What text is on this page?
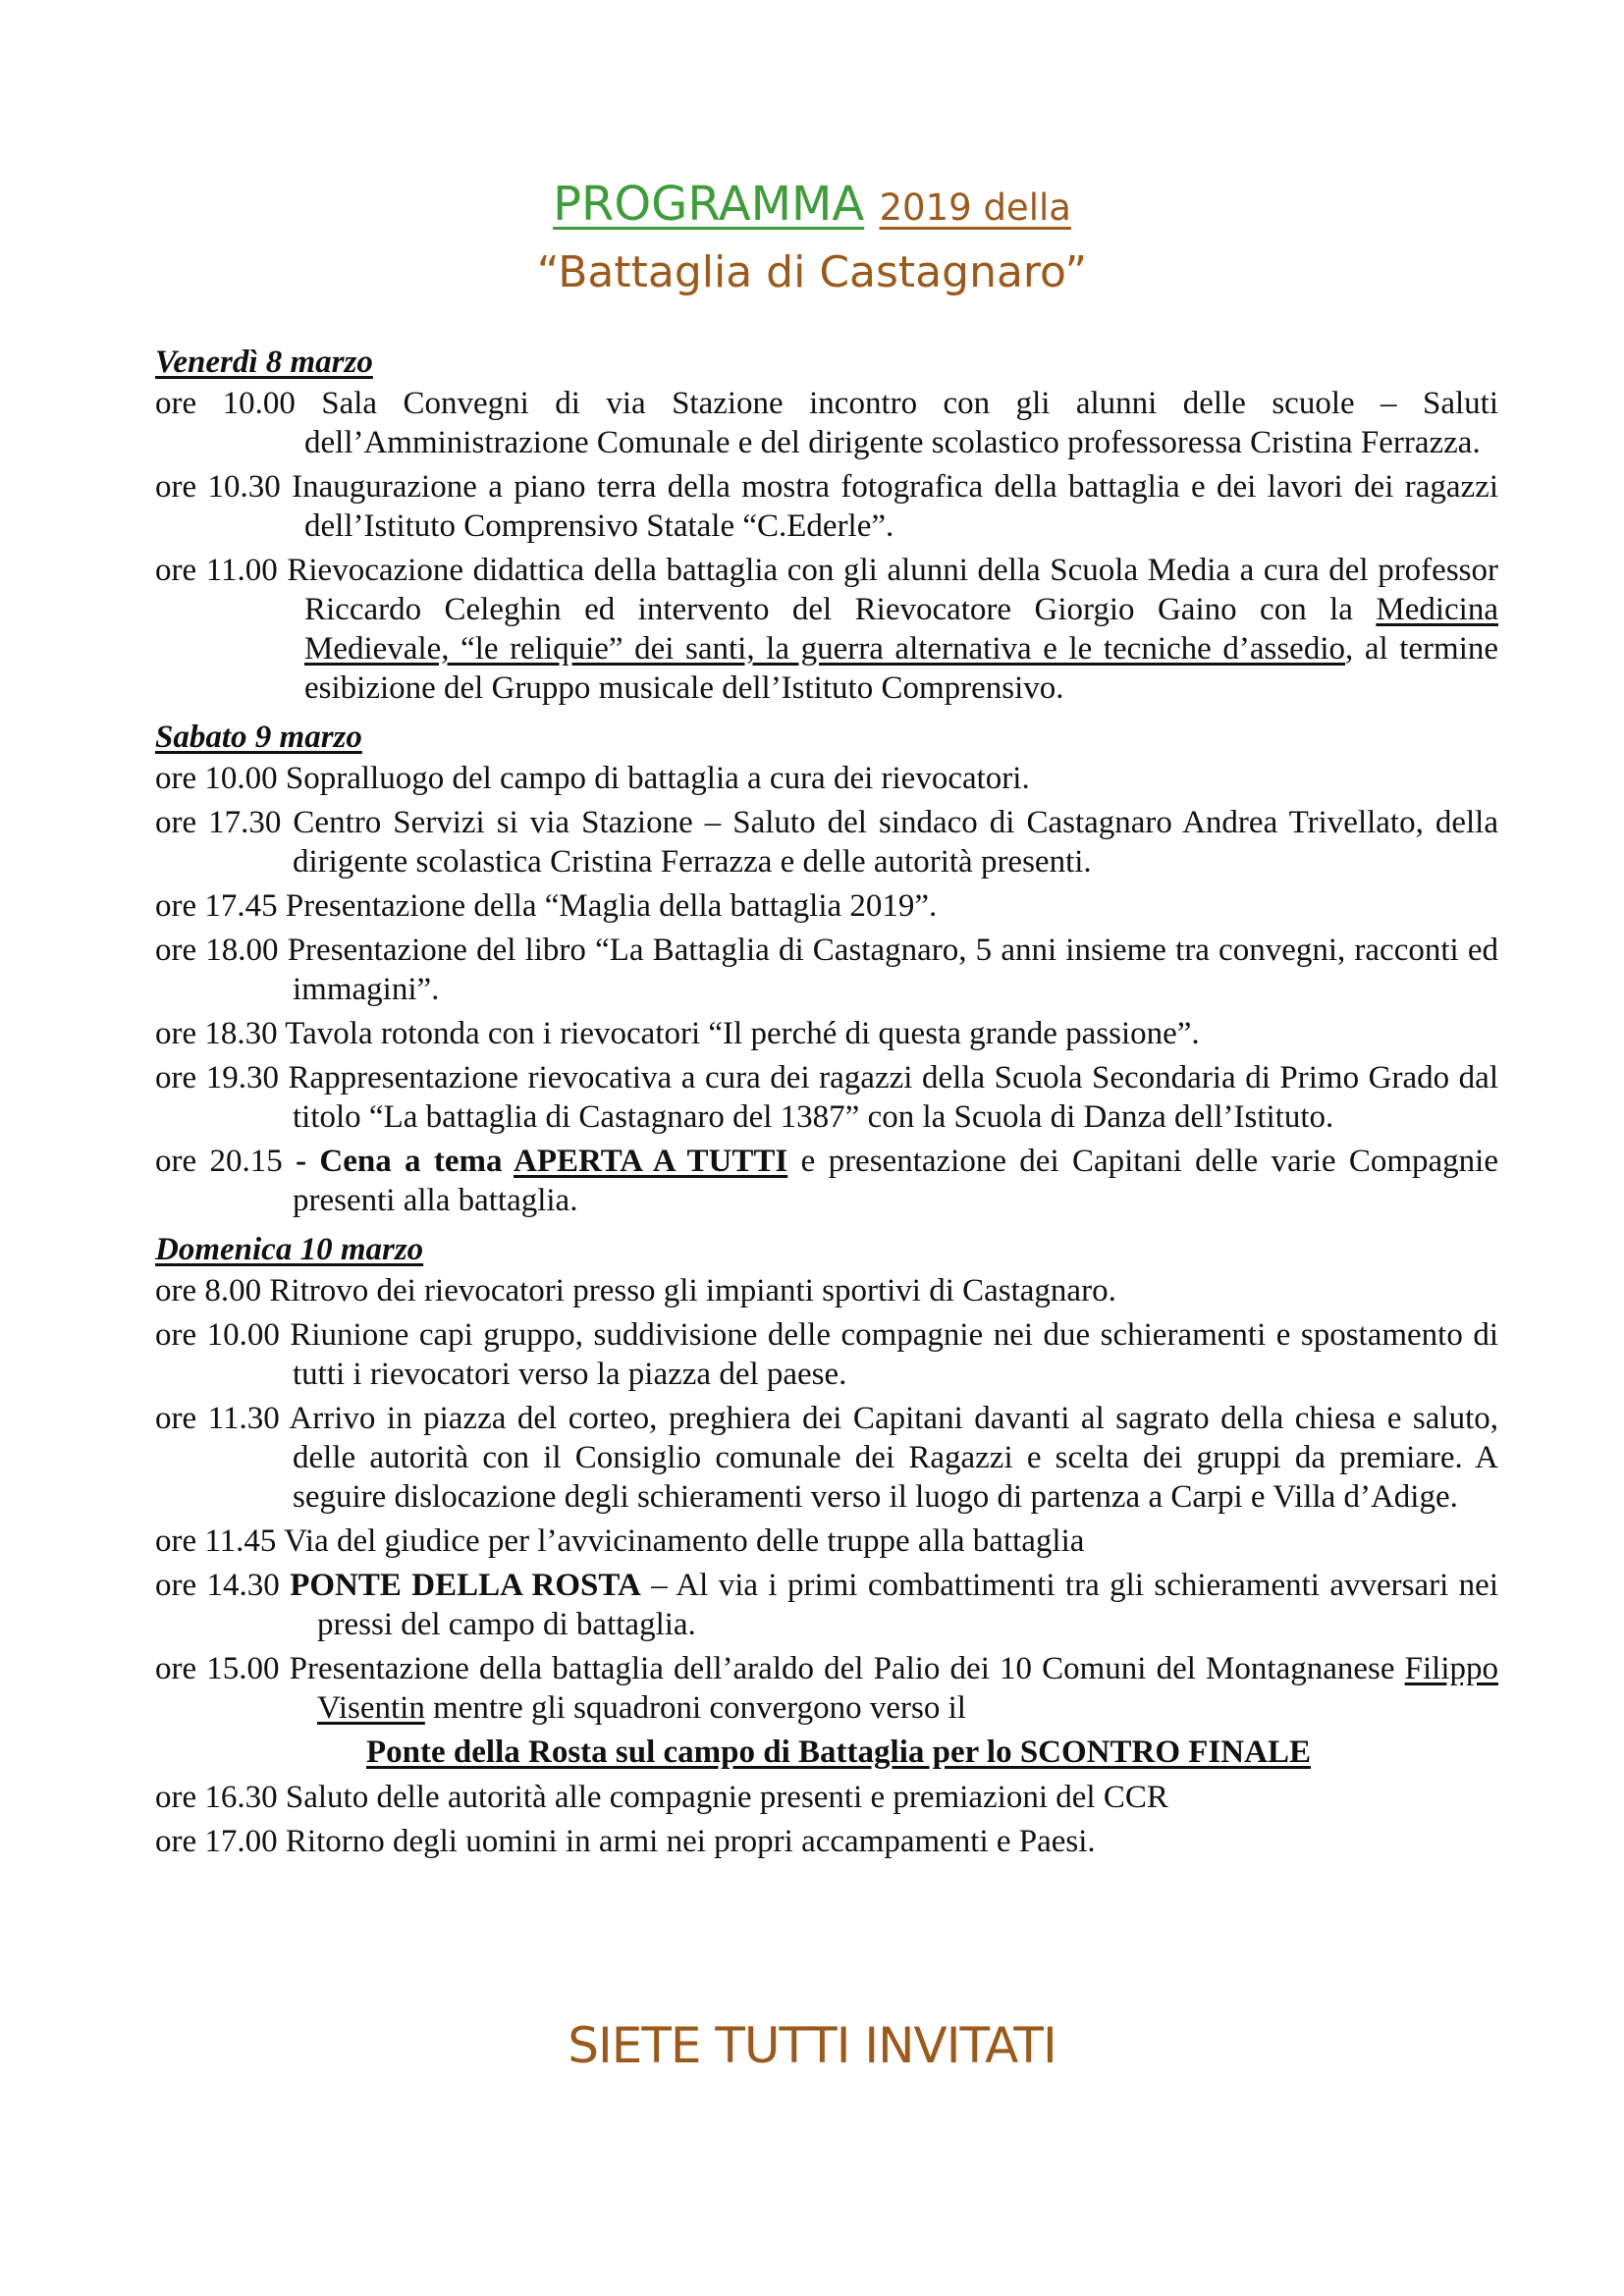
PROGRAMMA 2019 della
“Battaglia di Castagnaro”
Venerdì 8 marzo
ore 10.00 Sala Convegni di via Stazione incontro con gli alunni delle scuole – Saluti dell’Amministrazione Comunale e del dirigente scolastico professoressa Cristina Ferrazza.
ore 10.30 Inaugurazione a piano terra della mostra fotografica della battaglia e dei lavori dei ragazzi dell’Istituto Comprensivo Statale “C.Ederle”.
ore 11.00 Rievocazione didattica della battaglia con gli alunni della Scuola Media a cura del professor Riccardo Celeghin ed intervento del Rievocatore Giorgio Gaino con la Medicina Medievale, “le reliquie” dei santi, la guerra alternativa e le tecniche d’assedio, al termine esibizione del Gruppo musicale dell’Istituto Comprensivo.
Sabato 9 marzo
ore 10.00 Sopralluogo del campo di battaglia a cura dei rievocatori.
ore 17.30 Centro Servizi si via Stazione – Saluto del sindaco di Castagnaro Andrea Trivellato, della dirigente scolastica Cristina Ferrazza e delle autorità presenti.
ore 17.45 Presentazione della “Maglia della battaglia 2019”.
ore 18.00 Presentazione del libro “La Battaglia di Castagnaro, 5 anni insieme tra convegni, racconti ed immagini”.
ore 18.30 Tavola rotonda con i rievocatori “Il perché di questa grande passione”.
ore 19.30 Rappresentazione rievocativa a cura dei ragazzi della Scuola Secondaria di Primo Grado dal titolo “La battaglia di Castagnaro del 1387” con la Scuola di Danza dell’Istituto.
ore 20.15 - Cena a tema APERTA A TUTTI e presentazione dei Capitani delle varie Compagnie presenti alla battaglia.
Domenica 10 marzo
ore 8.00 Ritrovo dei rievocatori presso gli impianti sportivi di Castagnaro.
ore 10.00 Riunione capi gruppo, suddivisione delle compagnie nei due schieramenti e spostamento di tutti i rievocatori verso la piazza del paese.
ore 11.30 Arrivo in piazza del corteo, preghiera dei Capitani davanti al sagrato della chiesa e saluto, delle autorità con il Consiglio comunale dei Ragazzi e scelta dei gruppi da premiare. A seguire dislocazione degli schieramenti verso il luogo di partenza a Carpi e Villa d’Adige.
ore 11.45 Via del giudice per l’avvicinamento delle truppe alla battaglia
ore 14.30 PONTE DELLA ROSTA – Al via i primi combattimenti tra gli schieramenti avversari nei pressi del campo di battaglia.
ore 15.00 Presentazione della battaglia dell’araldo del Palio dei 10 Comuni del Montagnanese Filippo Visentin mentre gli squadroni convergono verso il
Ponte della Rosta sul campo di Battaglia per lo SCONTRO FINALE
ore 16.30 Saluto delle autorità alle compagnie presenti e premiazioni del CCR
ore 17.00 Ritorno degli uomini in armi nei propri accampamenti e Paesi.
SIETE TUTTI INVITATI
